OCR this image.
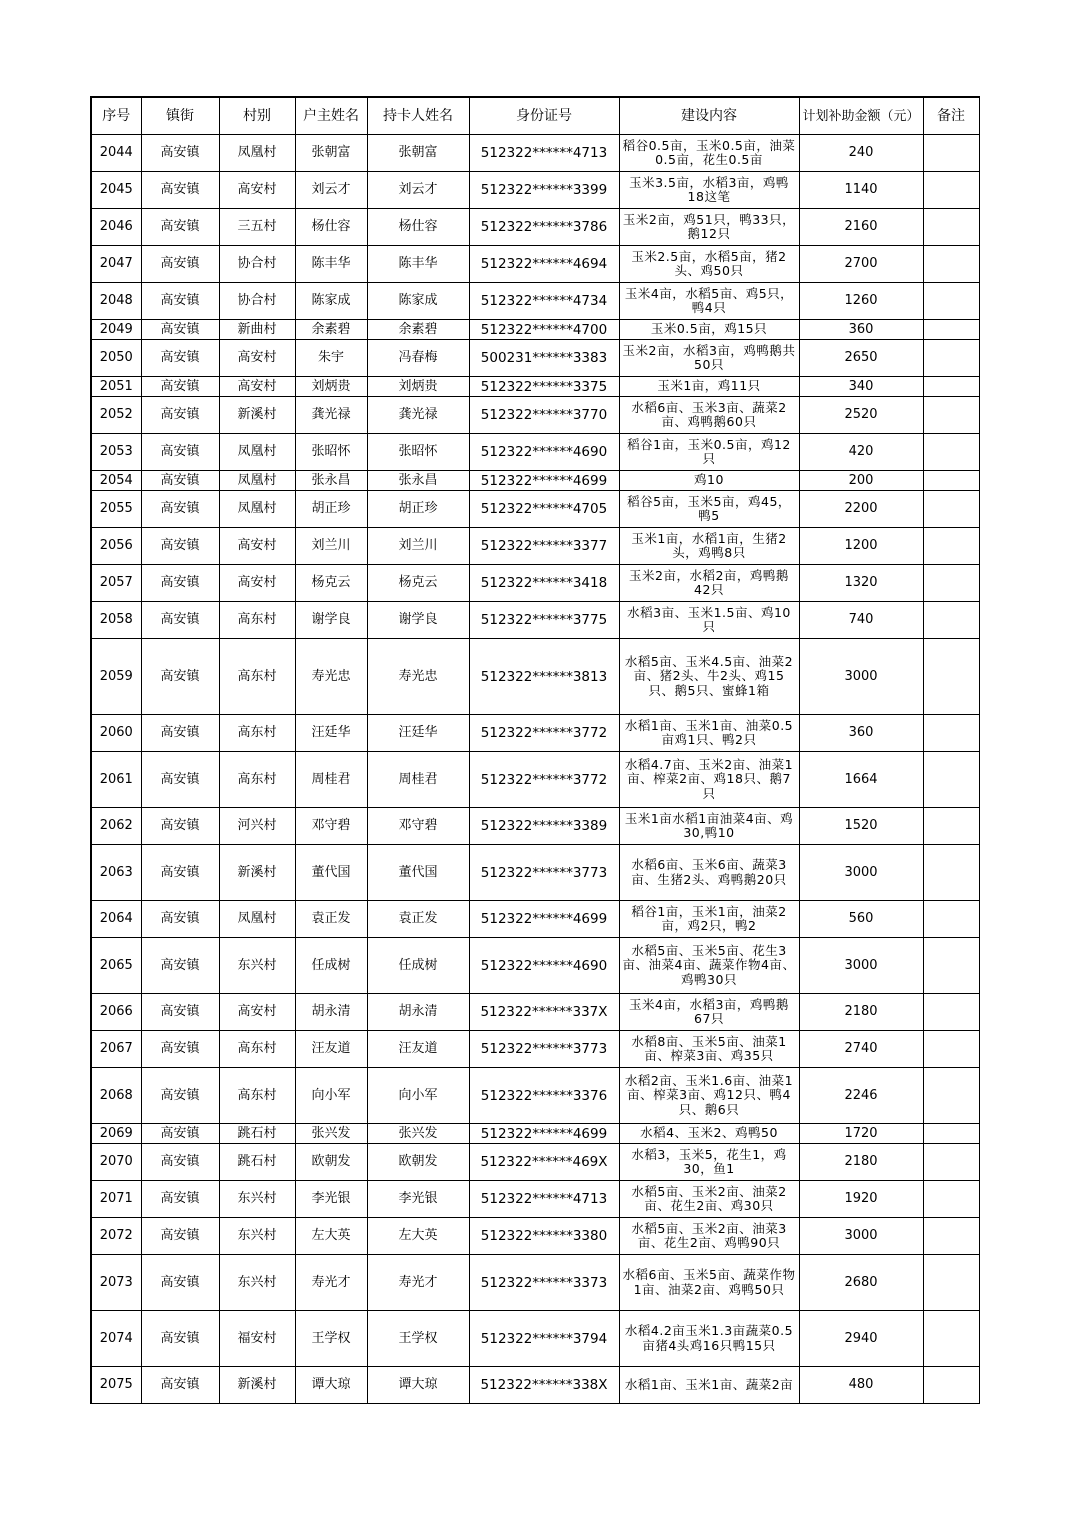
序号	镇街	村别	户主姓名	持卡人姓名	身份证号	建设内容	计划补助金额（元）	备注
2044	高安镇	凤凰村	张朝富	张朝富	512322******4713	稻谷0.5亩，玉米0.5亩，油菜0.5亩，花生0.5亩	240	
2045	高安镇	高安村	刘云才	刘云才	512322******3399	玉米3.5亩，水稻3亩，鸡鸭18这笔	1140	
2046	高安镇	三五村	杨仕容	杨仕容	512322******3786	玉米2亩，鸡51只，鸭33只，鹅12只	2160	
2047	高安镇	协合村	陈丰华	陈丰华	512322******4694	玉米2.5亩，水稻5亩，猪2头、鸡50只	2700	
2048	高安镇	协合村	陈家成	陈家成	512322******4734	玉米4亩，水稻5亩、鸡5只，鸭4只	1260	
2049	高安镇	新曲村	余素碧	余素碧	512322******4700	玉米0.5亩，鸡15只	360	
2050	高安镇	高安村	朱宇	冯春梅	500231******3383	玉米2亩，水稻3亩，鸡鸭鹅共50只	2650	
2051	高安镇	高安村	刘炳贵	刘炳贵	512322******3375	玉米1亩，鸡11只	340	
2052	高安镇	新溪村	龚光禄	龚光禄	512322******3770	水稻6亩、玉米3亩、蔬菜2亩、鸡鸭鹅60只	2520	
2053	高安镇	凤凰村	张昭怀	张昭怀	512322******4690	稻谷1亩，玉米0.5亩，鸡12只	420	
2054	高安镇	凤凰村	张永昌	张永昌	512322******4699	鸡10	200	
2055	高安镇	凤凰村	胡正珍	胡正珍	512322******4705	稻谷5亩，玉米5亩，鸡45，鸭5	2200	
2056	高安镇	高安村	刘兰川	刘兰川	512322******3377	玉米1亩，水稻1亩，生猪2头，鸡鸭8只	1200	
2057	高安镇	高安村	杨克云	杨克云	512322******3418	玉米2亩，水稻2亩，鸡鸭鹅42只	1320	
2058	高安镇	高东村	谢学良	谢学良	512322******3775	水稻3亩、玉米1.5亩、鸡10只	740	
2059	高安镇	高东村	寿光忠	寿光忠	512322******3813	水稻5亩、玉米4.5亩、油菜2亩、猪2头、牛2头、鸡15只、鹅5只、蜜蜂1箱	3000	
2060	高安镇	高东村	汪廷华	汪廷华	512322******3772	水稻1亩、玉米1亩、油菜0.5亩鸡1只、鸭2只	360	
2061	高安镇	高东村	周桂君	周桂君	512322******3772	水稻4.7亩、玉米2亩、油菜1亩、榨菜2亩、鸡18只、鹅7只	1664	
2062	高安镇	河兴村	邓守碧	邓守碧	512322******3389	玉米1亩水稻1亩油菜4亩、鸡30,鸭10	1520	
2063	高安镇	新溪村	董代国	董代国	512322******3773	水稻6亩、玉米6亩、蔬菜3亩、生猪2头、鸡鸭鹅20只	3000	
2064	高安镇	凤凰村	袁正发	袁正发	512322******4699	稻谷1亩，玉米1亩，油菜2亩，鸡2只，鸭2	560	
2065	高安镇	东兴村	任成树	任成树	512322******4690	水稻5亩、玉米5亩、花生3亩、油菜4亩、蔬菜作物4亩、鸡鸭30只	3000	
2066	高安镇	高安村	胡永清	胡永清	512322******337X	玉米4亩，水稻3亩，鸡鸭鹅67只	2180	
2067	高安镇	高东村	汪友道	汪友道	512322******3773	水稻8亩、玉米5亩、油菜1亩、榨菜3亩、鸡35只	2740	
2068	高安镇	高东村	向小军	向小军	512322******3376	水稻2亩、玉米1.6亩、油菜1亩、榨菜3亩、鸡12只、鸭4只、鹅6只	2246	
2069	高安镇	跳石村	张兴发	张兴发	512322******4699	水稻4、玉米2、鸡鸭50	1720	
2070	高安镇	跳石村	欧朝发	欧朝发	512322******469X	水稻3，玉米5，花生1，鸡30，鱼1	2180	
2071	高安镇	东兴村	李光银	李光银	512322******4713	水稻5亩、玉米2亩、油菜2亩、花生2亩、鸡30只	1920	
2072	高安镇	东兴村	左大英	左大英	512322******3380	水稻5亩、玉米2亩、油菜3亩、花生2亩、鸡鸭90只	3000	
2073	高安镇	东兴村	寿光才	寿光才	512322******3373	水稻6亩、玉米5亩、蔬菜作物1亩、油菜2亩、鸡鸭50只	2680	
2074	高安镇	福安村	王学权	王学权	512322******3794	水稻4.2亩玉米1.3亩蔬菜0.5亩猪4头鸡16只鸭15只	2940	
2075	高安镇	新溪村	谭大琼	谭大琼	512322******338X	水稻1亩、玉米1亩、蔬菜2亩	480	
